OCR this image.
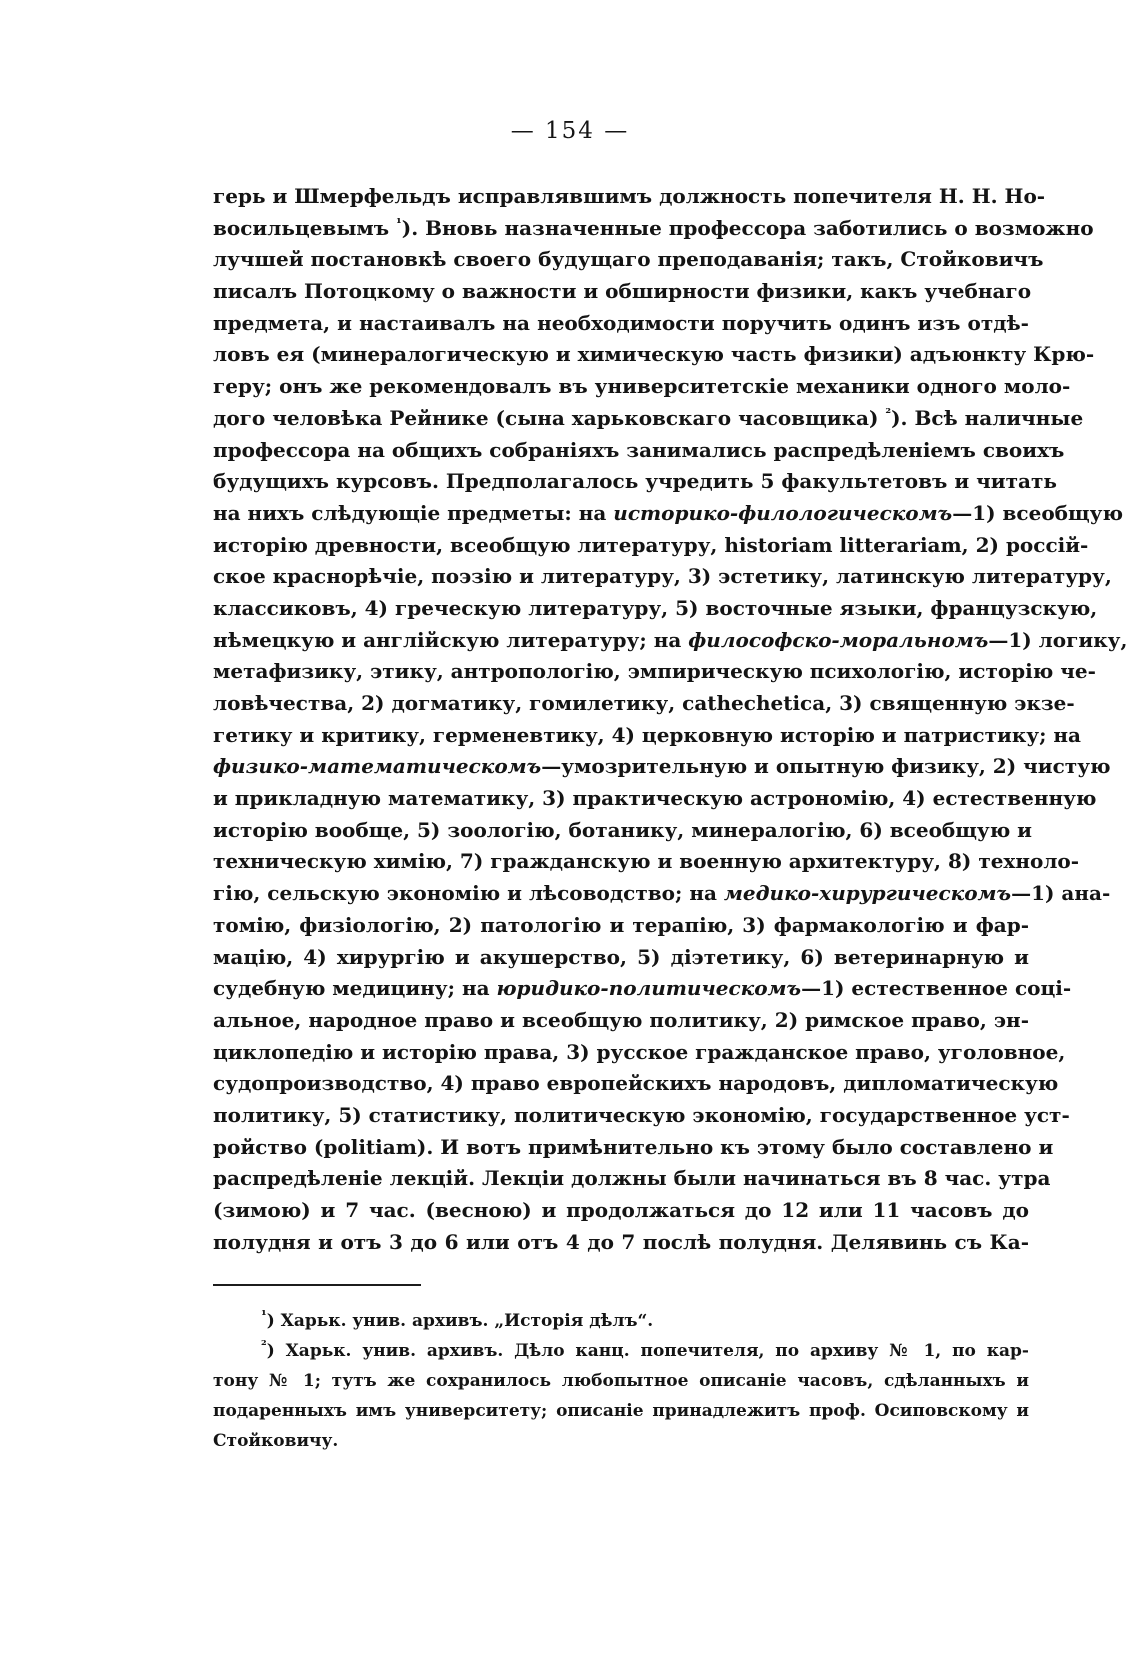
— 154 —
герь и Шмерфельдъ исправлявшимъ должность попечителя Н. Н. Но-
восильцевымъ $^{^1}$). Вновь назначенные профессора заботились о возможно
лучшей постановкѣ своего будущаго преподаванія; такъ, Стойковичъ
писалъ Потоцкому о важности и обширности физики, какъ учебнаго
предмета, и настаивалъ на необходимости поручить одинъ изъ отдѣ-
ловъ ея (минералогическую и химическую часть физики) адъюнкту Крю-
геру; онъ же рекомендовалъ въ университетскіе механики одного моло-
дого человѣка Рейнике (сына харьковскаго часовщика) $^{^2}$). Всѣ наличные
профессора на общихъ собраніяхъ занимались распредѣленіемъ своихъ
будущихъ курсовъ. Предполагалось учредить 5 факультетовъ и читать
на нихъ слѣдующіе предметы: на историко-филологическомъ—1) всеобщую
исторію древности, всеобщую литературу, historiam litterariam, 2) россій-
ское краснорѣчіе, поэзію и литературу, 3) эстетику, латинскую литературу,
классиковъ, 4) греческую литературу, 5) восточные языки, французскую,
нѣмецкую и англійскую литературу; на философско-моральномъ—1) логику,
метафизику, этику, антропологію, эмпирическую психологію, исторію че-
ловѣчества, 2) догматику, гомилетику, cathechetica, 3) священную экзе-
гетику и критику, герменевтику, 4) церковную исторію и патристику; на
физико-математическомъ—умозрительную и опытную физику, 2) чистую
и прикладную математику, 3) практическую астрономію, 4) естественную
исторію вообще, 5) зоологію, ботанику, минералогію, 6) всеобщую и
техническую химію, 7) гражданскую и военную архитектуру, 8) техноло-
гію, сельскую экономію и лѣсоводство; на медико-хирургическомъ—1) ана-
томію, физіологію, 2) патологію и терапію, 3) фармакологію и фар-
мацію, 4) хирургію и акушерство, 5) діэтетику, 6) ветеринарную и
судебную медицину; на юридико-политическомъ—1) естественное соці-
альное, народное право и всеобщую политику, 2) римское право, эн-
циклопедію и исторію права, 3) русское гражданское право, уголовное,
судопроизводство, 4) право европейскихъ народовъ, дипломатическую
политику, 5) статистику, политическую экономію, государственное уст-
ройство (politiam). И вотъ примѣнительно къ этому было составлено и
распредѣленіе лекцій. Лекціи должны были начинаться въ 8 час. утра
(зимою) и 7 час. (весною) и продолжаться до 12 или 11 часовъ до
полудня и отъ 3 до 6 или отъ 4 до 7 послѣ полудня. Делявинь съ Ка-
$^{^1}$) Харьк. унив. архивъ. „Исторія дѣлъ“.
$^{^2}$) Харьк. унив. архивъ. Дѣло канц. попечителя, по архиву № 1, по кар-
тону № 1; тутъ же сохранилось любопытное описаніе часовъ, сдѣланныхъ и
подаренныхъ имъ университету; описаніе принадлежитъ проф. Осиповскому и
Стойковичу.
